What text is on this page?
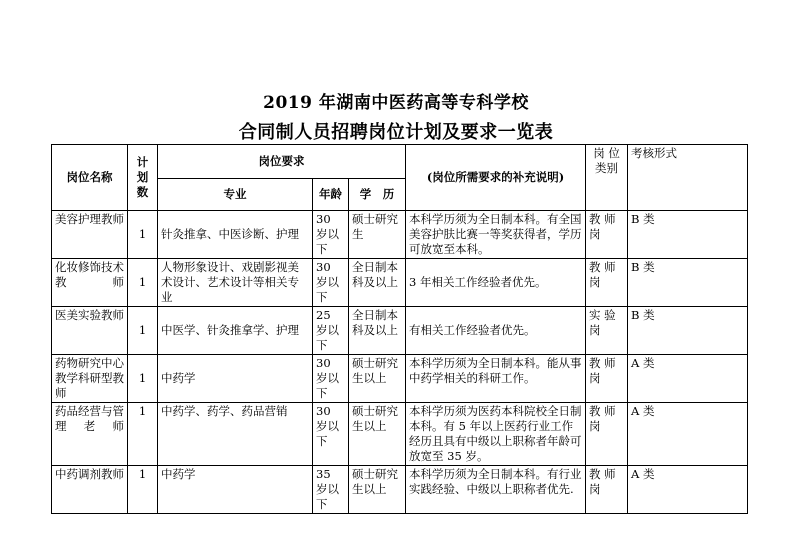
2019 年湖南中医药高等专科学校
合同制人员招聘岗位计划及要求一览表
岗位名称	计划数	岗位要求			(岗位所需要求的补充说明)	岗 位类别	考核形式
		专业	年龄	学　历			
美容护理教师	1	针灸推拿、中医诊断、护理	30 岁以下	硕士研究生	本科学历须为全日制本科。有全国美容护肤比赛一等奖获得者，学历可放宽至本科。	教 师岗	B 类
化妆修饰技术教师	1	人物形象设计、戏剧影视美术设计、艺术设计等相关专业	30 岁以下	全日制本科及以上	3 年相关工作经验者优先。	教 师岗	B 类
医美实验教师	1	中医学、针灸推拿学、护理	25 岁以下	全日制本科及以上	有相关工作经验者优先。	实 验岗	B 类
药物研究中心教学科研型教师	1	中药学	30 岁以下	硕士研究生以上	本科学历须为全日制本科。能从事中药学相关的科研工作。	教 师岗	A 类
药品经营与管理老师	1	中药学、药学、药品营销	30 岁以下	硕士研究生以上	本科学历须为医药本科院校全日制本科。有 5 年以上医药行业工作经历且具有中级以上职称者年龄可放宽至 35 岁。	教 师岗	A 类
中药调剂教师	1	中药学	35 岁以下	硕士研究生以上	本科学历须为全日制本科。有行业实践经验、中级以上职称者优先.	教 师岗	A 类
